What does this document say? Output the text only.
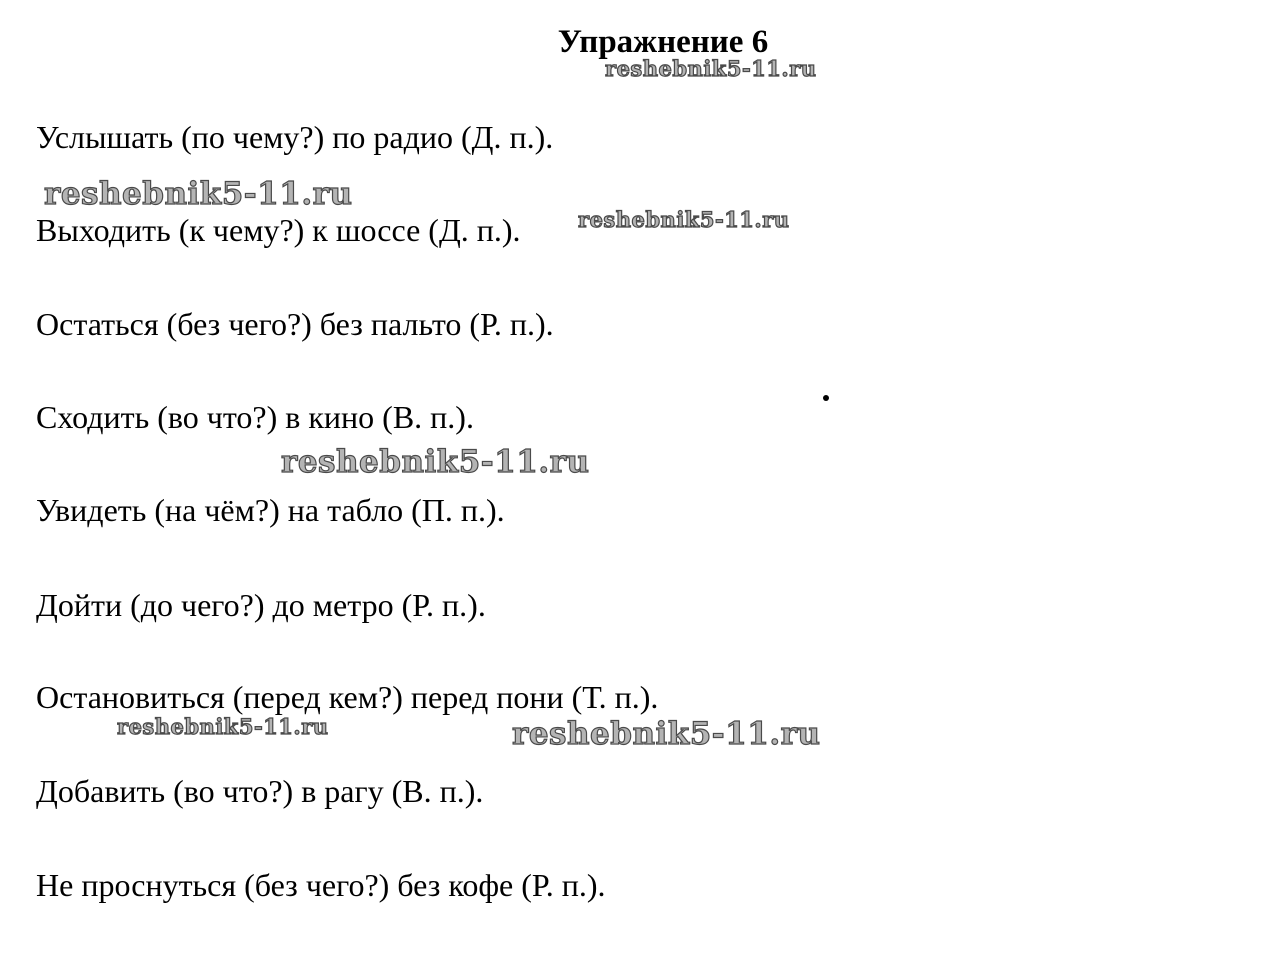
Упражнение 6
reshebnik5-11.ru
Услышать (по чему?) по радио (Д. п.).
reshebnik5-11.ru
Выходить (к чему?) к шоссе (Д. п.).	reshebnik5-11.ru
Остаться (без чего?) без пальто (Р. п.).
Сходить (во что?) в кино (В. п.).
reshebnik5-11.ru
Увидеть (на чём?) на табло (П. п.).
Дойти (до чего?) до метро (Р. п.).
Остановиться (перед кем?) перед пони (Т. п.).
reshebnik5-11.ru	reshebnik5-11.ru
Добавить (во что?) в рагу (В. п.).
Не проснуться (без чего?) без кофе (Р. п.).
